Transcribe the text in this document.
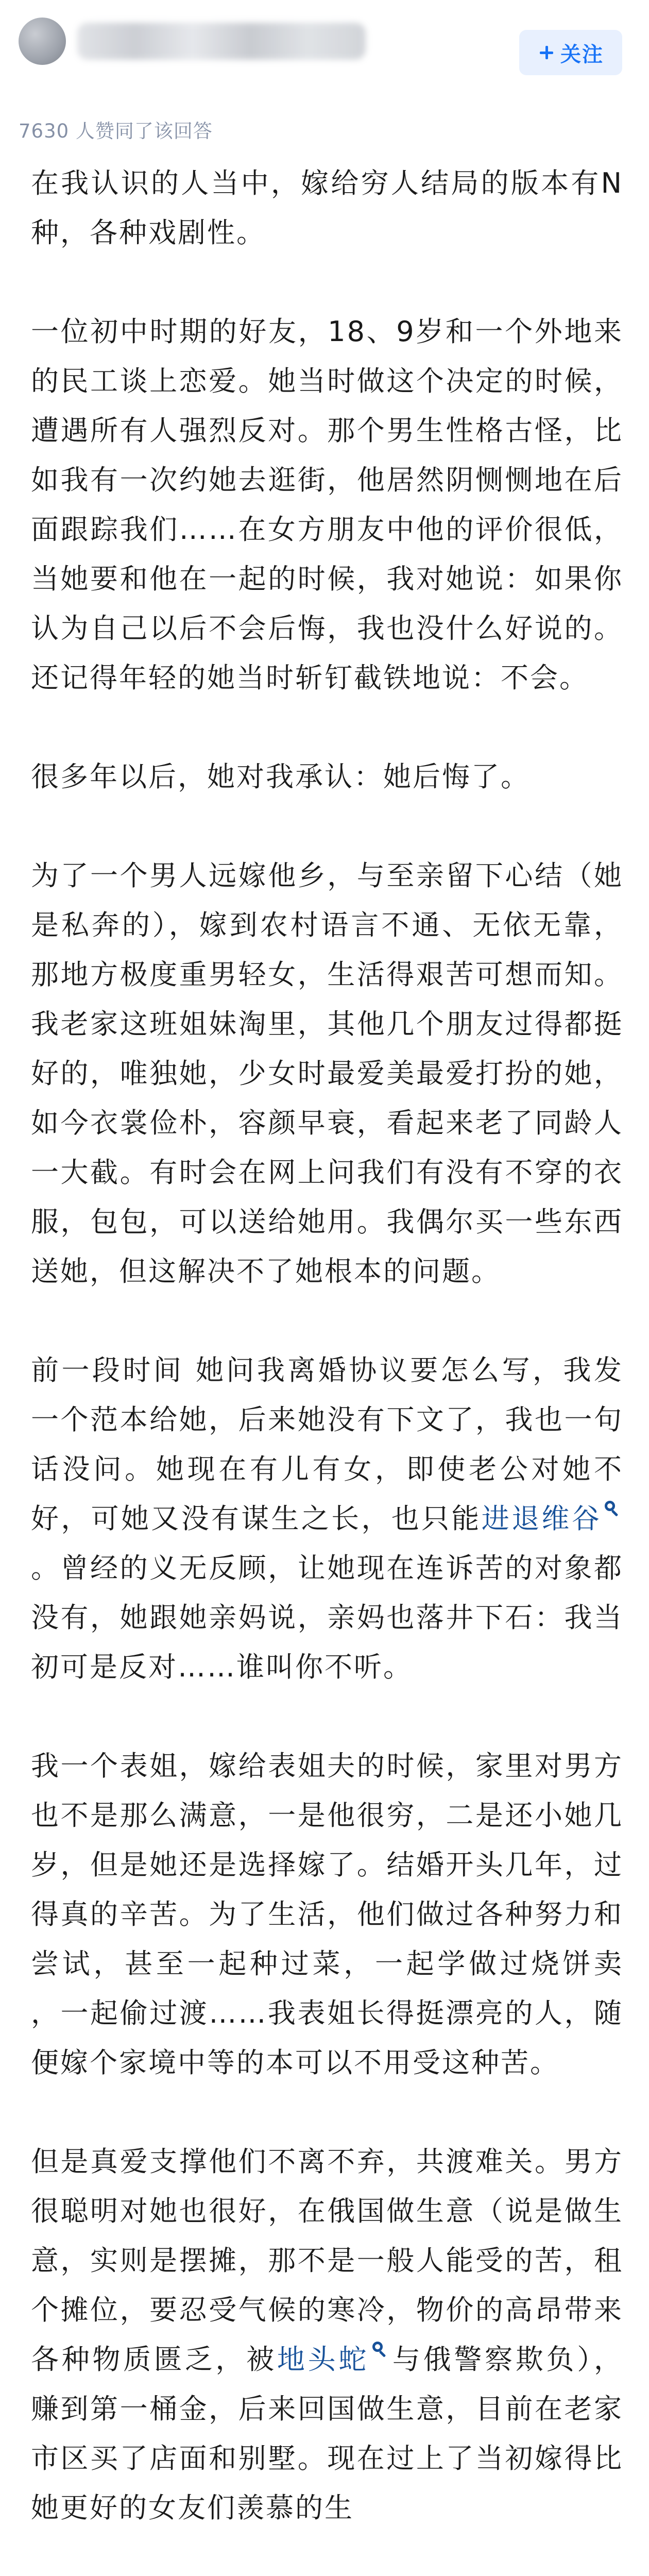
关注
7630 人赞同了该回答

在我认识的人当中，嫁给穷人结局的版本有N种，各种戏剧性。

一位初中时期的好友，18、9岁和一个外地来的民工谈上恋爱。她当时做这个决定的时候，遭遇所有人强烈反对。那个男生性格古怪，比如我有一次约她去逛街，他居然阴恻恻地在后面跟踪我们……在女方朋友中他的评价很低，当她要和他在一起的时候，我对她说：如果你认为自己以后不会后悔，我也没什么好说的。还记得年轻的她当时斩钉截铁地说：不会。

很多年以后，她对我承认：她后悔了。

为了一个男人远嫁他乡，与至亲留下心结（她是私奔的），嫁到农村语言不通、无依无靠，那地方极度重男轻女，生活得艰苦可想而知。我老家这班姐妹淘里，其他几个朋友过得都挺好的，唯独她，少女时最爱美最爱打扮的她，如今衣裳俭朴，容颜早衰，看起来老了同龄人一大截。有时会在网上问我们有没有不穿的衣服，包包，可以送给她用。我偶尔买一些东西送她，但这解决不了她根本的问题。

前一段时间 她问我离婚协议要怎么写，我发一个范本给她，后来她没有下文了，我也一句话没问。她现在有儿有女，即使老公对她不好，可她又没有谋生之长，也只能进退维谷。曾经的义无反顾，让她现在连诉苦的对象都没有，她跟她亲妈说，亲妈也落井下石：我当初可是反对……谁叫你不听。

我一个表姐，嫁给表姐夫的时候，家里对男方也不是那么满意，一是他很穷，二是还小她几岁，但是她还是选择嫁了。结婚开头几年，过得真的辛苦。为了生活，他们做过各种努力和尝试，甚至一起种过菜，一起学做过烧饼卖 ，一起偷过渡……我表姐长得挺漂亮的人，随便嫁个家境中等的本可以不用受这种苦。

但是真爱支撑他们不离不弃，共渡难关。男方很聪明对她也很好，在俄国做生意（说是做生意，实则是摆摊，那不是一般人能受的苦，租个摊位，要忍受气候的寒冷，物价的高昂带来各种物质匮乏，被地头蛇 与俄警察欺负），赚到第一桶金，后来回国做生意，目前在老家市区买了店面和别墅。现在过上了当初嫁得比她更好的女友们羡慕的生
